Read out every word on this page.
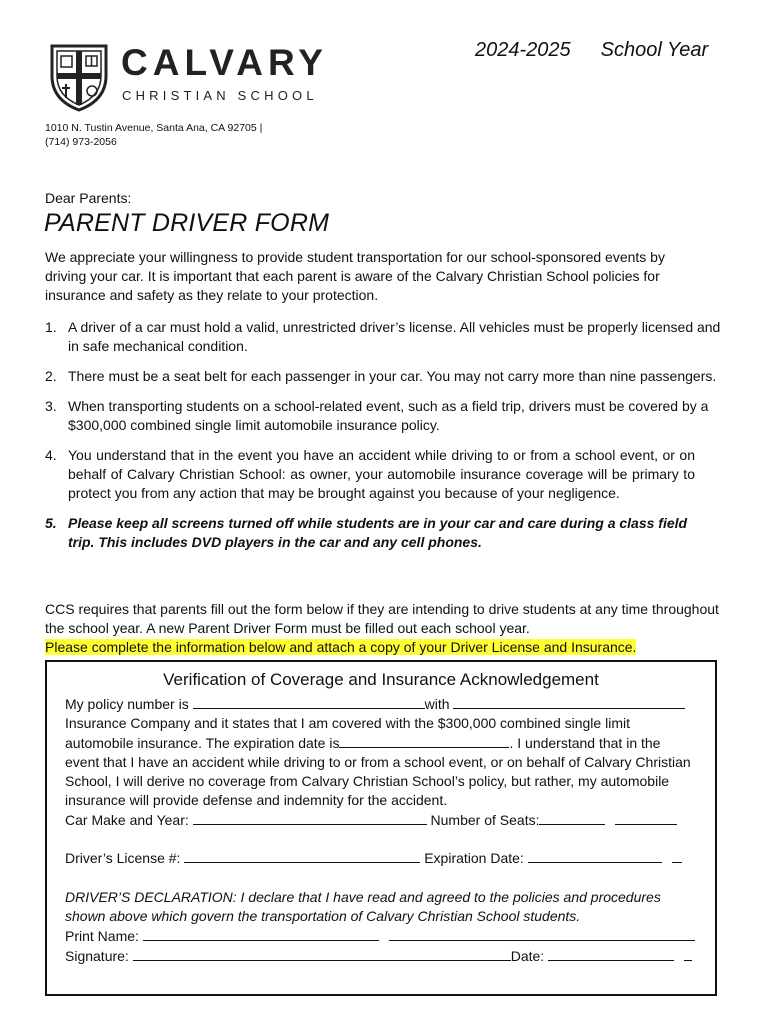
CALVARY
CHRISTIAN SCHOOL
2024-2025 School Year
1010 N. Tustin Avenue, Santa Ana, CA 92705 |
(714) 973-2056
Dear Parents:
PARENT DRIVER FORM
We appreciate your willingness to provide student transportation for our school-sponsored events by driving your car. It is important that each parent is aware of the Calvary Christian School policies for insurance and safety as they relate to your protection.
1. A driver of a car must hold a valid, unrestricted driver’s license. All vehicles must be properly licensed and in safe mechanical condition.
2. There must be a seat belt for each passenger in your car. You may not carry more than nine passengers.
3. When transporting students on a school-related event, such as a field trip, drivers must be covered by a $300,000 combined single limit automobile insurance policy.
4. You understand that in the event you have an accident while driving to or from a school event, or on behalf of Calvary Christian School: as owner, your automobile insurance coverage will be primary to protect you from any action that may be brought against you because of your negligence.
5. Please keep all screens turned off while students are in your car and care during a class field trip. This includes DVD players in the car and any cell phones.
CCS requires that parents fill out the form below if they are intending to drive students at any time throughout the school year. A new Parent Driver Form must be filled out each school year.
Please complete the information below and attach a copy of your Driver License and Insurance.
Verification of Coverage and Insurance Acknowledgement
My policy number is	with
Insurance Company and it states that I am covered with the $300,000 combined single limit
automobile insurance. The expiration date is	. I understand that in the
event that I have an accident while driving to or from a school event, or on behalf of Calvary Christian School, I will derive no coverage from Calvary Christian School’s policy, but rather, my automobile insurance will provide defense and indemnity for the accident.
Car Make and Year:	Number of Seats:
Driver’s License #:	Expiration Date:
DRIVER’S DECLARATION: I declare that I have read and agreed to the policies and procedures shown above which govern the transportation of Calvary Christian School students.
Print Name:
Signature:	Date:
